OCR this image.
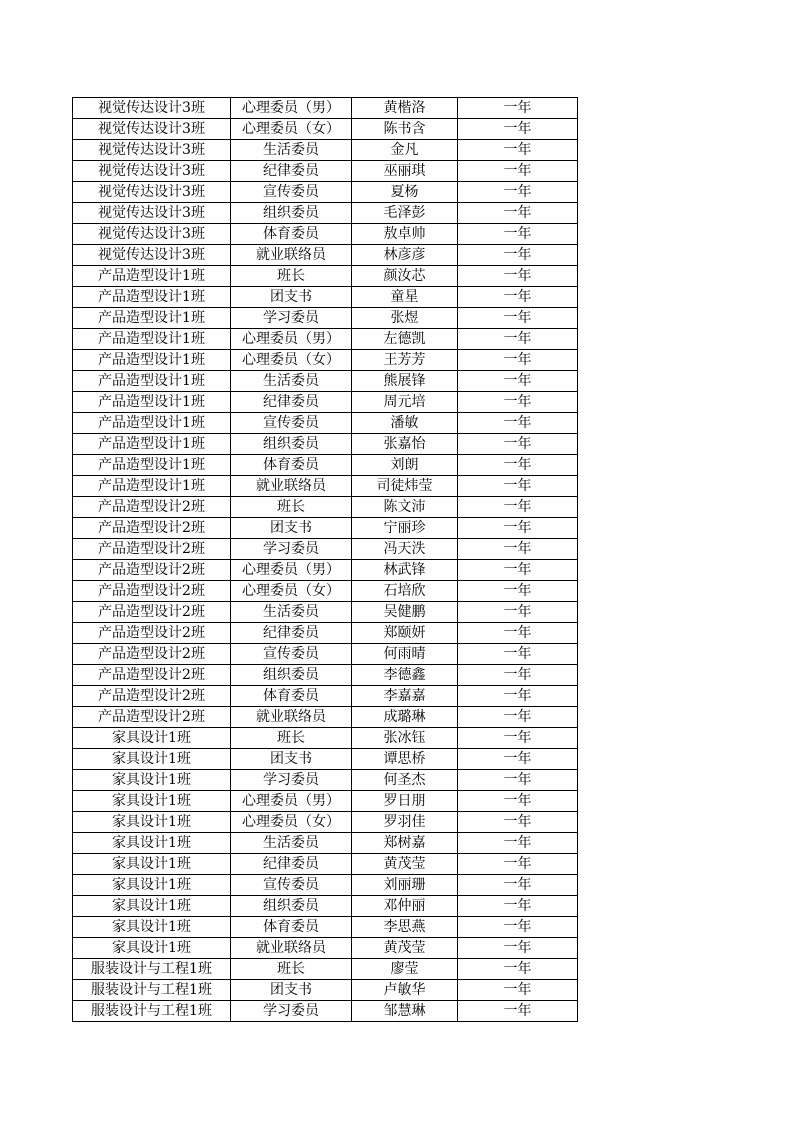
视觉传达设计3班	心理委员（男）	黄楷洛	一年
视觉传达设计3班	心理委员（女）	陈书含	一年
视觉传达设计3班	生活委员	金凡	一年
视觉传达设计3班	纪律委员	巫丽琪	一年
视觉传达设计3班	宣传委员	夏杨	一年
视觉传达设计3班	组织委员	毛泽彭	一年
视觉传达设计3班	体育委员	敖卓帅	一年
视觉传达设计3班	就业联络员	林彦彦	一年
产品造型设计1班	班长	颜汝芯	一年
产品造型设计1班	团支书	童星	一年
产品造型设计1班	学习委员	张煜	一年
产品造型设计1班	心理委员（男）	左德凯	一年
产品造型设计1班	心理委员（女）	王芳芳	一年
产品造型设计1班	生活委员	熊展锋	一年
产品造型设计1班	纪律委员	周元培	一年
产品造型设计1班	宣传委员	潘敏	一年
产品造型设计1班	组织委员	张嘉怡	一年
产品造型设计1班	体育委员	刘朗	一年
产品造型设计1班	就业联络员	司徒炜莹	一年
产品造型设计2班	班长	陈文沛	一年
产品造型设计2班	团支书	宁丽珍	一年
产品造型设计2班	学习委员	冯天泆	一年
产品造型设计2班	心理委员（男）	林武锋	一年
产品造型设计2班	心理委员（女）	石培欣	一年
产品造型设计2班	生活委员	吴健鹏	一年
产品造型设计2班	纪律委员	郑颐妍	一年
产品造型设计2班	宣传委员	何雨晴	一年
产品造型设计2班	组织委员	李德鑫	一年
产品造型设计2班	体育委员	李嘉嘉	一年
产品造型设计2班	就业联络员	成璐琳	一年
家具设计1班	班长	张冰钰	一年
家具设计1班	团支书	谭思桥	一年
家具设计1班	学习委员	何圣杰	一年
家具设计1班	心理委员（男）	罗日朋	一年
家具设计1班	心理委员（女）	罗羽佳	一年
家具设计1班	生活委员	郑树嘉	一年
家具设计1班	纪律委员	黄茂莹	一年
家具设计1班	宣传委员	刘丽珊	一年
家具设计1班	组织委员	邓仲丽	一年
家具设计1班	体育委员	李思燕	一年
家具设计1班	就业联络员	黄茂莹	一年
服装设计与工程1班	班长	廖莹	一年
服装设计与工程1班	团支书	卢敏华	一年
服装设计与工程1班	学习委员	邹慧琳	一年
